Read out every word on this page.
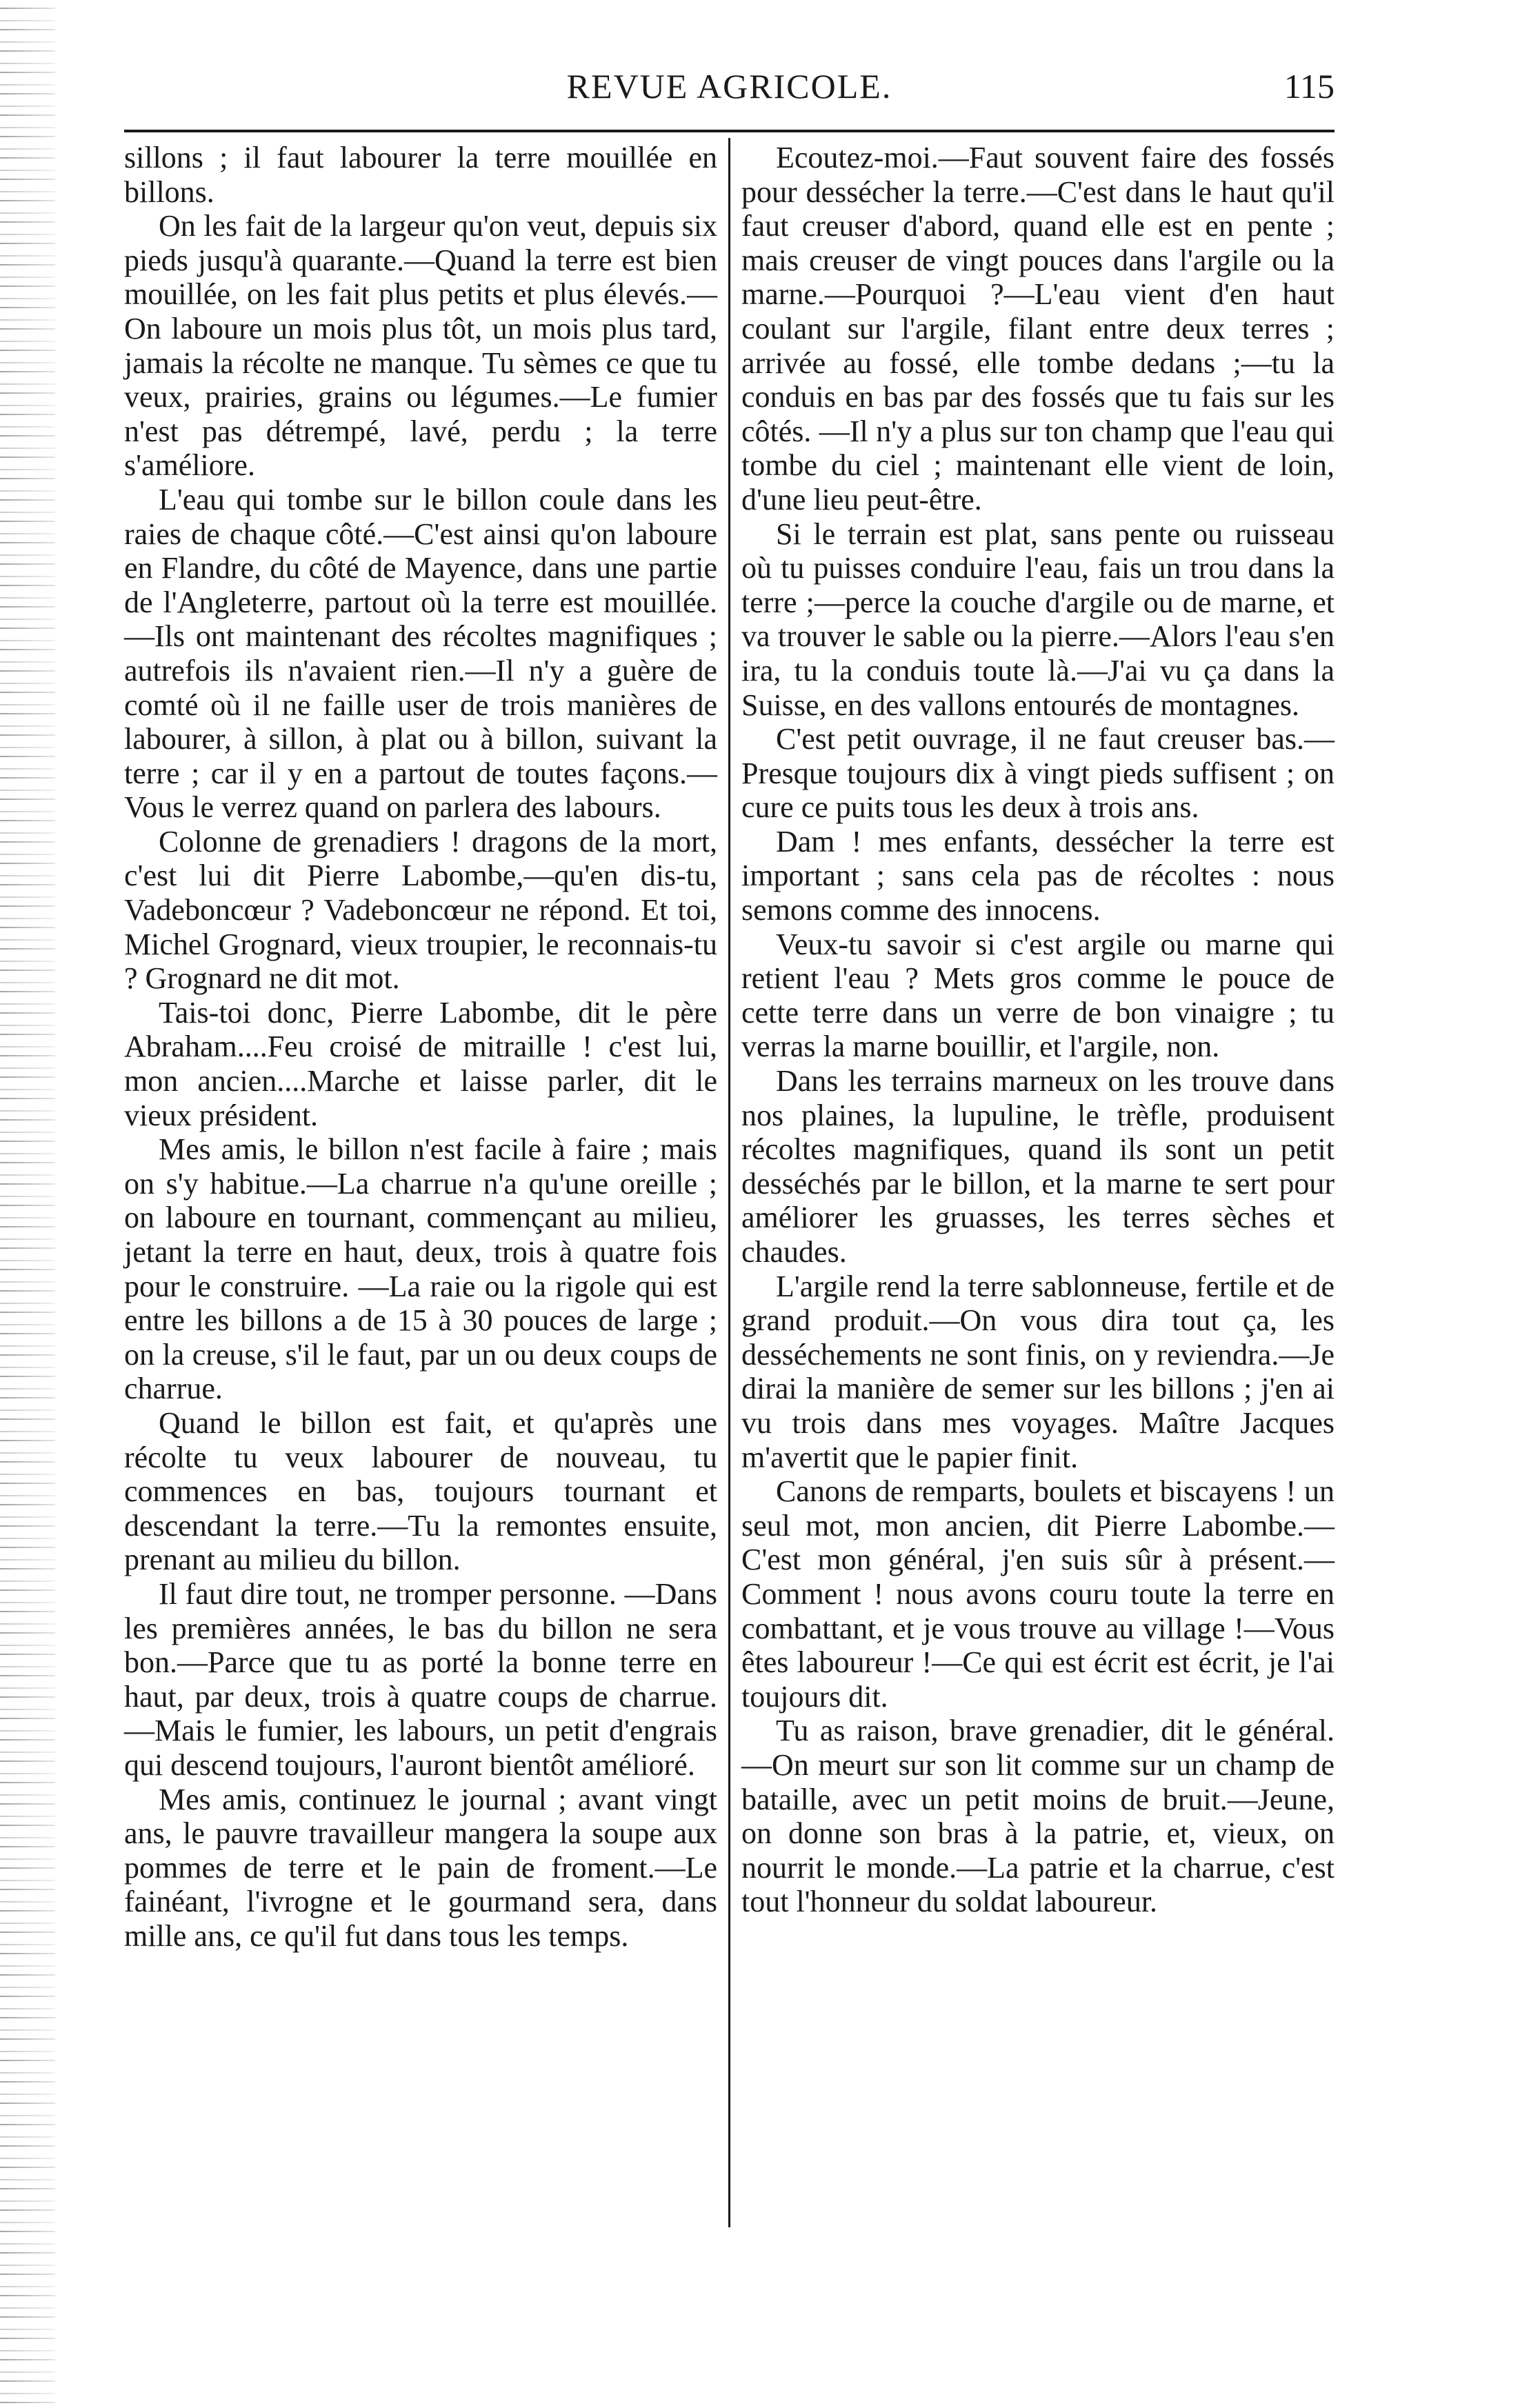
REVUE AGRICOLE.	115

sillons ; il faut labourer la terre mouillée en billons.

On les fait de la largeur qu'on veut, depuis six pieds jusqu'à quarante.—Quand la terre est bien mouillée, on les fait plus petits et plus élevés.—On laboure un mois plus tôt, un mois plus tard, jamais la récolte ne manque. Tu sèmes ce que tu veux, prairies, grains ou légumes.—Le fumier n'est pas détrempé, lavé, perdu ; la terre s'améliore.

L'eau qui tombe sur le billon coule dans les raies de chaque côté.—C'est ainsi qu'on laboure en Flandre, du côté de Mayence, dans une partie de l'Angleterre, partout où la terre est mouillée.—Ils ont maintenant des récoltes magnifiques ; autrefois ils n'avaient rien.—Il n'y a guère de comté où il ne faille user de trois manières de labourer, à sillon, à plat ou à billon, suivant la terre ; car il y en a partout de toutes façons.—Vous le verrez quand on parlera des labours.

Colonne de grenadiers ! dragons de la mort, c'est lui dit Pierre Labombe,—qu'en dis-tu, Vadeboncœur ? Vadeboncœur ne répond. Et toi, Michel Grognard, vieux troupier, le reconnais-tu ? Grognard ne dit mot.

Tais-toi donc, Pierre Labombe, dit le père Abraham....Feu croisé de mitraille ! c'est lui, mon ancien....Marche et laisse parler, dit le vieux président.

Mes amis, le billon n'est facile à faire ; mais on s'y habitue.—La charrue n'a qu'une oreille ; on laboure en tournant, commençant au milieu, jetant la terre en haut, deux, trois à quatre fois pour le construire. —La raie ou la rigole qui est entre les billons a de 15 à 30 pouces de large ; on la creuse, s'il le faut, par un ou deux coups de charrue.

Quand le billon est fait, et qu'après une récolte tu veux labourer de nouveau, tu commences en bas, toujours tournant et descendant la terre.—Tu la remontes ensuite, prenant au milieu du billon.

Il faut dire tout, ne tromper personne. —Dans les premières années, le bas du billon ne sera bon.—Parce que tu as porté la bonne terre en haut, par deux, trois à quatre coups de charrue.—Mais le fumier, les labours, un petit d'engrais qui descend toujours, l'auront bientôt amélioré.

Mes amis, continuez le journal ; avant vingt ans, le pauvre travailleur mangera la soupe aux pommes de terre et le pain de froment.—Le fainéant, l'ivrogne et le gourmand sera, dans mille ans, ce qu'il fut dans tous les temps.

Ecoutez-moi.—Faut souvent faire des fossés pour dessécher la terre.—C'est dans le haut qu'il faut creuser d'abord, quand elle est en pente ; mais creuser de vingt pouces dans l'argile ou la marne.—Pourquoi ?—L'eau vient d'en haut coulant sur l'argile, filant entre deux terres ; arrivée au fossé, elle tombe dedans ;—tu la conduis en bas par des fossés que tu fais sur les côtés. —Il n'y a plus sur ton champ que l'eau qui tombe du ciel ; maintenant elle vient de loin, d'une lieu peut-être.

Si le terrain est plat, sans pente ou ruisseau où tu puisses conduire l'eau, fais un trou dans la terre ;—perce la couche d'argile ou de marne, et va trouver le sable ou la pierre.—Alors l'eau s'en ira, tu la conduis toute là.—J'ai vu ça dans la Suisse, en des vallons entourés de montagnes.

C'est petit ouvrage, il ne faut creuser bas.—Presque toujours dix à vingt pieds suffisent ; on cure ce puits tous les deux à trois ans.

Dam ! mes enfants, dessécher la terre est important ; sans cela pas de récoltes : nous semons comme des innocens.

Veux-tu savoir si c'est argile ou marne qui retient l'eau ? Mets gros comme le pouce de cette terre dans un verre de bon vinaigre ; tu verras la marne bouillir, et l'argile, non.

Dans les terrains marneux on les trouve dans nos plaines, la lupuline, le trèfle, produisent récoltes magnifiques, quand ils sont un petit desséchés par le billon, et la marne te sert pour améliorer les gruasses, les terres sèches et chaudes.

L'argile rend la terre sablonneuse, fertile et de grand produit.—On vous dira tout ça, les desséchements ne sont finis, on y reviendra.—Je dirai la manière de semer sur les billons ; j'en ai vu trois dans mes voyages. Maître Jacques m'avertit que le papier finit.

Canons de remparts, boulets et biscayens ! un seul mot, mon ancien, dit Pierre Labombe.—C'est mon général, j'en suis sûr à présent.—Comment ! nous avons couru toute la terre en combattant, et je vous trouve au village !—Vous êtes laboureur !—Ce qui est écrit est écrit, je l'ai toujours dit.

Tu as raison, brave grenadier, dit le général. —On meurt sur son lit comme sur un champ de bataille, avec un petit moins de bruit.—Jeune, on donne son bras à la patrie, et, vieux, on nourrit le monde.—La patrie et la charrue, c'est tout l'honneur du soldat laboureur.
